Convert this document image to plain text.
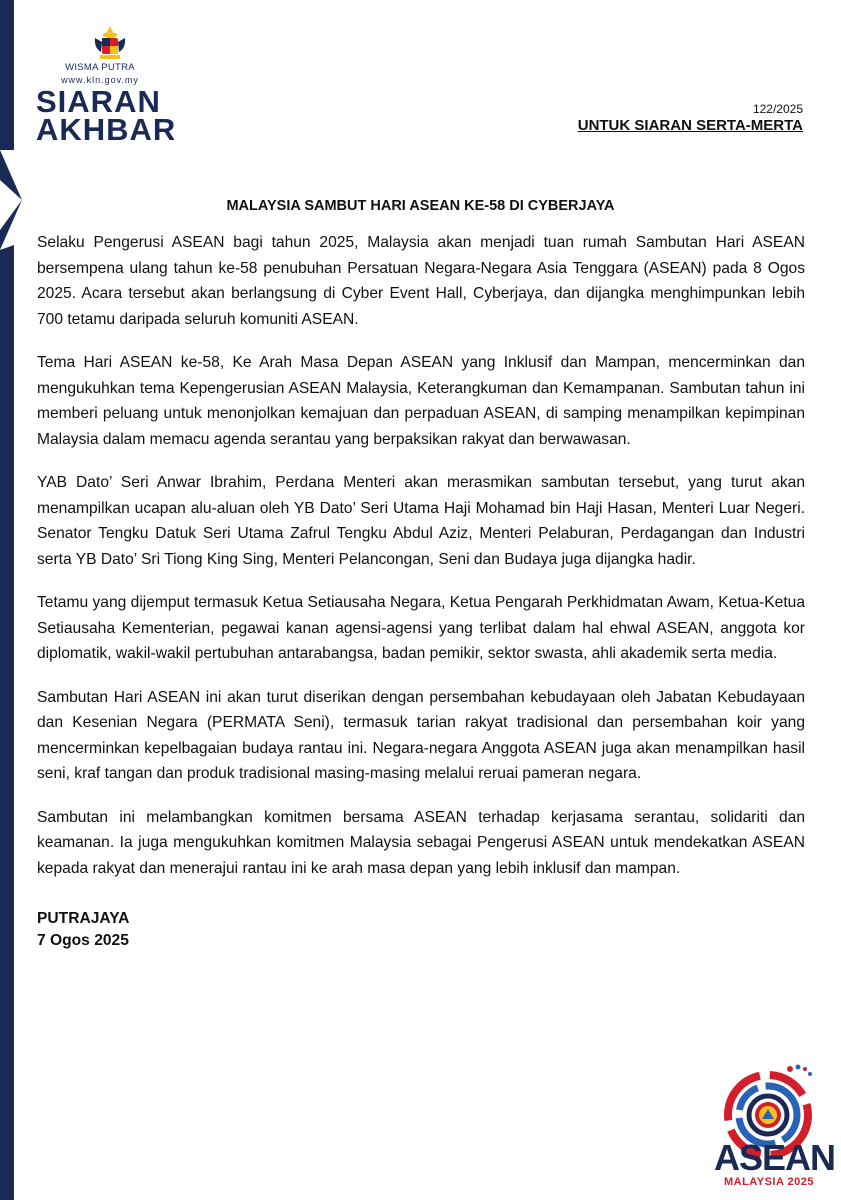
WISMA PUTRA
www.kln.gov.my
SIARAN
AKHBAR
122/2025
UNTUK SIARAN SERTA-MERTA
MALAYSIA SAMBUT HARI ASEAN KE-58 DI CYBERJAYA

Selaku Pengerusi ASEAN bagi tahun 2025, Malaysia akan menjadi tuan rumah Sambutan Hari ASEAN bersempena ulang tahun ke-58 penubuhan Persatuan Negara-Negara Asia Tenggara (ASEAN) pada 8 Ogos 2025. Acara tersebut akan berlangsung di Cyber Event Hall, Cyberjaya, dan dijangka menghimpunkan lebih 700 tetamu daripada seluruh komuniti ASEAN.

Tema Hari ASEAN ke-58, Ke Arah Masa Depan ASEAN yang Inklusif dan Mampan, mencerminkan dan mengukuhkan tema Kepengerusian ASEAN Malaysia, Keterangkuman dan Kemampanan. Sambutan tahun ini memberi peluang untuk menonjolkan kemajuan dan perpaduan ASEAN, di samping menampilkan kepimpinan Malaysia dalam memacu agenda serantau yang berpaksikan rakyat dan berwawasan.

YAB Dato’ Seri Anwar Ibrahim, Perdana Menteri akan merasmikan sambutan tersebut, yang turut akan menampilkan ucapan alu-aluan oleh YB Dato’ Seri Utama Haji Mohamad bin Haji Hasan, Menteri Luar Negeri. Senator Tengku Datuk Seri Utama Zafrul Tengku Abdul Aziz, Menteri Pelaburan, Perdagangan dan Industri serta YB Dato’ Sri Tiong King Sing, Menteri Pelancongan, Seni dan Budaya juga dijangka hadir.

Tetamu yang dijemput termasuk Ketua Setiausaha Negara, Ketua Pengarah Perkhidmatan Awam, Ketua-Ketua Setiausaha Kementerian, pegawai kanan agensi-agensi yang terlibat dalam hal ehwal ASEAN, anggota kor diplomatik, wakil-wakil pertubuhan antarabangsa, badan pemikir, sektor swasta, ahli akademik serta media.

Sambutan Hari ASEAN ini akan turut diserikan dengan persembahan kebudayaan oleh Jabatan Kebudayaan dan Kesenian Negara (PERMATA Seni), termasuk tarian rakyat tradisional dan persembahan koir yang mencerminkan kepelbagaian budaya rantau ini. Negara-negara Anggota ASEAN juga akan menampilkan hasil seni, kraf tangan dan produk tradisional masing-masing melalui reruai pameran negara.

Sambutan ini melambangkan komitmen bersama ASEAN terhadap kerjasama serantau, solidariti dan keamanan. Ia juga mengukuhkan komitmen Malaysia sebagai Pengerusi ASEAN untuk mendekatkan ASEAN kepada rakyat dan menerajui rantau ini ke arah masa depan yang lebih inklusif dan mampan.

PUTRAJAYA
7 Ogos 2025
ASEAN
MALAYSIA 2025
